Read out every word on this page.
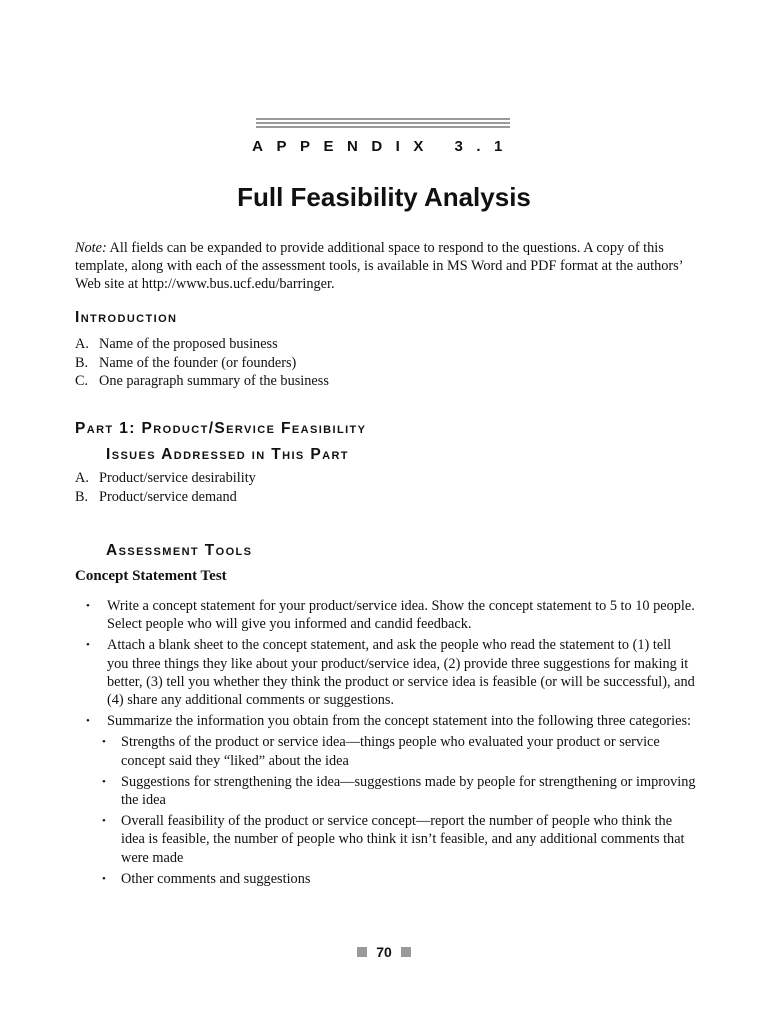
APPENDIX 3.1
Full Feasibility Analysis
Note: All fields can be expanded to provide additional space to respond to the questions. A copy of this template, along with each of the assessment tools, is available in MS Word and PDF format at the authors’ Web site at http://www.bus.ucf.edu/barringer.
Introduction
A. Name of the proposed business
B. Name of the founder (or founders)
C. One paragraph summary of the business
Part 1: Product/Service Feasibility
Issues Addressed in This Part
A. Product/service desirability
B. Product/service demand
Assessment Tools
Concept Statement Test
•	Write a concept statement for your product/service idea. Show the concept statement to 5 to 10 people. Select people who will give you informed and candid feedback.
•	Attach a blank sheet to the concept statement, and ask the people who read the statement to (1) tell you three things they like about your product/service idea, (2) provide three suggestions for making it better, (3) tell you whether they think the product or service idea is feasible (or will be successful), and (4) share any additional comments or suggestions.
•	Summarize the information you obtain from the concept statement into the following three categories:
•	Strengths of the product or service idea—things people who evaluated your product or service concept said they “liked” about the idea
•	Suggestions for strengthening the idea—suggestions made by people for strengthening or improving the idea
•	Overall feasibility of the product or service concept—report the number of people who think the idea is feasible, the number of people who think it isn’t feasible, and any additional comments that were made
•	Other comments and suggestions
70
